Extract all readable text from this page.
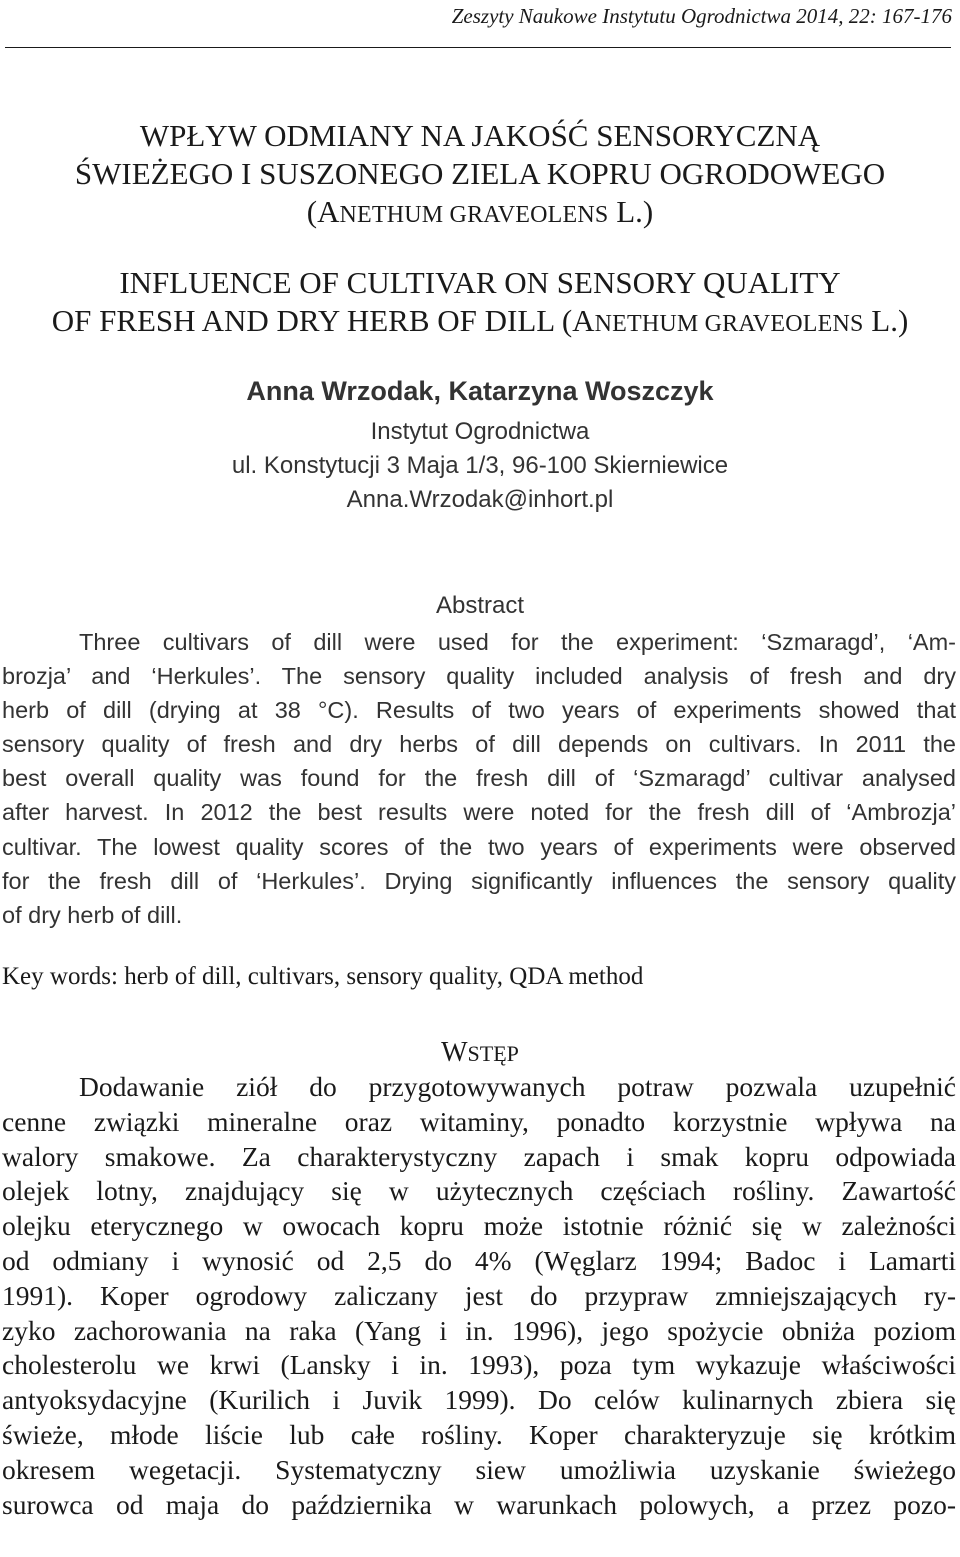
Zeszyty Naukowe Instytutu Ogrodnictwa 2014, 22: 167-176
WPŁYW ODMIANY NA JAKOŚĆ SENSORYCZNĄ
ŚWIEŻEGO I SUSZONEGO ZIELA KOPRU OGRODOWEGO
(ANETHUM GRAVEOLENS L.)
INFLUENCE OF CULTIVAR ON SENSORY QUALITY
OF FRESH AND DRY HERB OF DILL (ANETHUM GRAVEOLENS L.)
Anna Wrzodak, Katarzyna Woszczyk
Instytut Ogrodnictwa
ul. Konstytucji 3 Maja 1/3, 96-100 Skierniewice
Anna.Wrzodak@inhort.pl
Abstract
Three cultivars of dill were used for the experiment: ‘Szmaragd’, ‘Am-
brozja’ and ‘Herkules’. The sensory quality included analysis of fresh and dry
herb of dill (drying at 38 °C). Results of two years of experiments showed that
sensory quality of fresh and dry herbs of dill depends on cultivars. In 2011 the
best overall quality was found for the fresh dill of ‘Szmaragd’ cultivar analysed
after harvest. In 2012 the best results were noted for the fresh dill of ‘Ambrozja’
cultivar. The lowest quality scores of the two years of experiments were observed
for the fresh dill of ‘Herkules’. Drying significantly influences the sensory quality
of dry herb of dill.
Key words: herb of dill, cultivars, sensory quality, QDA method
WSTĘP
Dodawanie ziół do przygotowywanych potraw pozwala uzupełnić
cenne związki mineralne oraz witaminy, ponadto korzystnie wpływa na
walory smakowe. Za charakterystyczny zapach i smak kopru odpowiada
olejek lotny, znajdujący się w użytecznych częściach rośliny. Zawartość
olejku eterycznego w owocach kopru może istotnie różnić się w zależności
od odmiany i wynosić od 2,5 do 4% (Węglarz 1994; Badoc i Lamarti
1991). Koper ogrodowy zaliczany jest do przypraw zmniejszających ry-
zyko zachorowania na raka (Yang i in. 1996), jego spożycie obniża poziom
cholesterolu we krwi (Lansky i in. 1993), poza tym wykazuje właściwości
antyoksydacyjne (Kurilich i Juvik 1999). Do celów kulinarnych zbiera się
świeże, młode liście lub całe rośliny. Koper charakteryzuje się krótkim
okresem wegetacji. Systematyczny siew umożliwia uzyskanie świeżego
surowca od maja do października w warunkach polowych, a przez pozo-
